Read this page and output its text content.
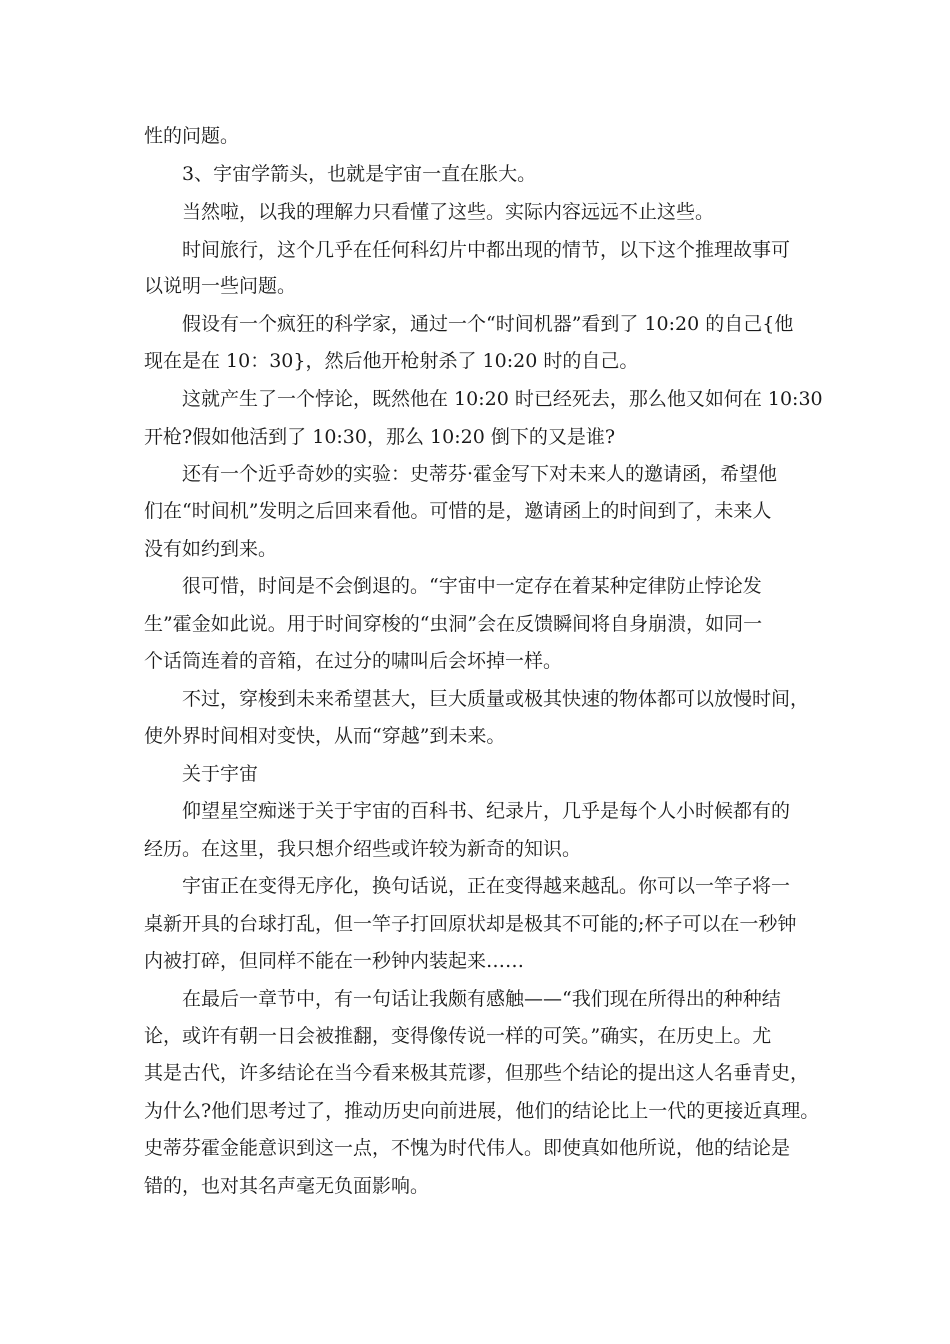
性的问题。

3、宇宙学箭头，也就是宇宙一直在胀大。

当然啦，以我的理解力只看懂了这些。实际内容远远不止这些。

时间旅行，这个几乎在任何科幻片中都出现的情节，以下这个推理故事可

以说明一些问题。

假设有一个疯狂的科学家，通过一个“时间机器”看到了 10:20 的自己{他

现在是在 10：30}，然后他开枪射杀了 10:20 时的自己。

这就产生了一个悖论，既然他在 10:20 时已经死去，那么他又如何在 10:30

开枪?假如他活到了 10:30，那么 10:20 倒下的又是谁?

还有一个近乎奇妙的实验：史蒂芬·霍金写下对未来人的邀请函，希望他

们在“时间机”发明之后回来看他。可惜的是，邀请函上的时间到了，未来人

没有如约到来。

很可惜，时间是不会倒退的。“宇宙中一定存在着某种定律防止悖论发

生”霍金如此说。用于时间穿梭的“虫洞”会在反馈瞬间将自身崩溃，如同一

个话筒连着的音箱，在过分的啸叫后会坏掉一样。

不过，穿梭到未来希望甚大，巨大质量或极其快速的物体都可以放慢时间，

使外界时间相对变快，从而“穿越”到未来。

关于宇宙

仰望星空痴迷于关于宇宙的百科书、纪录片，几乎是每个人小时候都有的

经历。在这里，我只想介绍些或许较为新奇的知识。

宇宙正在变得无序化，换句话说，正在变得越来越乱。你可以一竿子将一

桌新开具的台球打乱，但一竿子打回原状却是极其不可能的;杯子可以在一秒钟

内被打碎，但同样不能在一秒钟内装起来……

在最后一章节中，有一句话让我颇有感触——“我们现在所得出的种种结

论，或许有朝一日会被推翻，变得像传说一样的可笑。”确实，在历史上。尤

其是古代，许多结论在当今看来极其荒谬，但那些个结论的提出这人名垂青史，

为什么?他们思考过了，推动历史向前进展，他们的结论比上一代的更接近真理。

史蒂芬霍金能意识到这一点，不愧为时代伟人。即使真如他所说，他的结论是

错的，也对其名声毫无负面影响。
